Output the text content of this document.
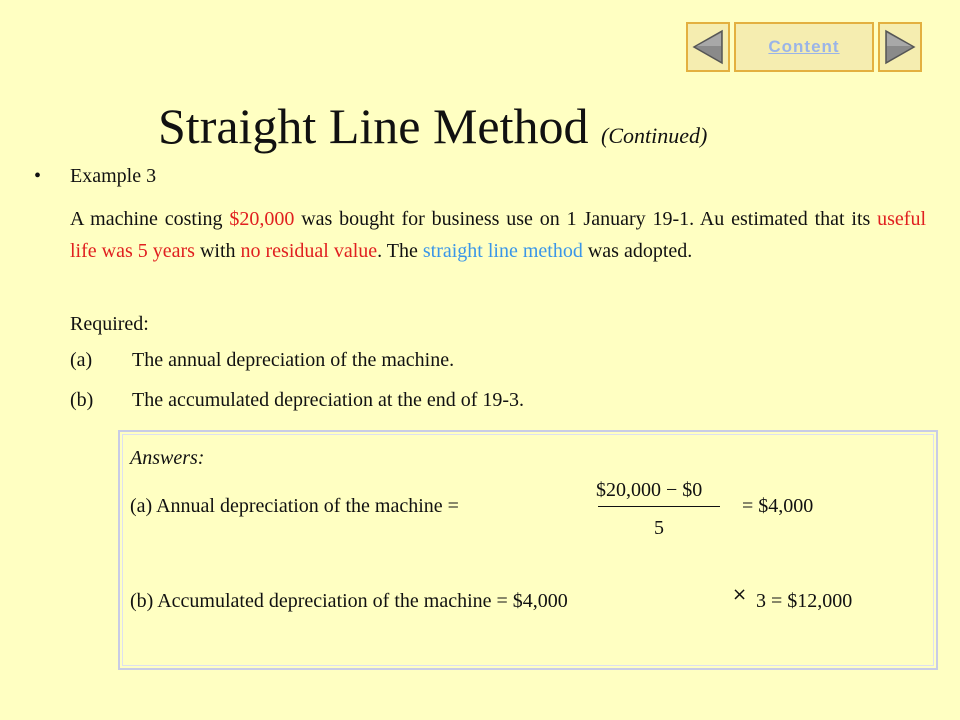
Content
Straight Line Method (Continued)
• Example 3
A machine costing $20,000 was bought for business use on 1 January 19-1. Au estimated that its useful life was 5 years with no residual value. The straight line method was adopted.
Required:
(a) The annual depreciation of the machine.
(b) The accumulated depreciation at the end of 19-3.
Answers:
(a) Annual depreciation of the machine =
$20,000 − $0
5
= $4,000
(b) Accumulated depreciation of the machine = $4,000	× 3 = $12,000
